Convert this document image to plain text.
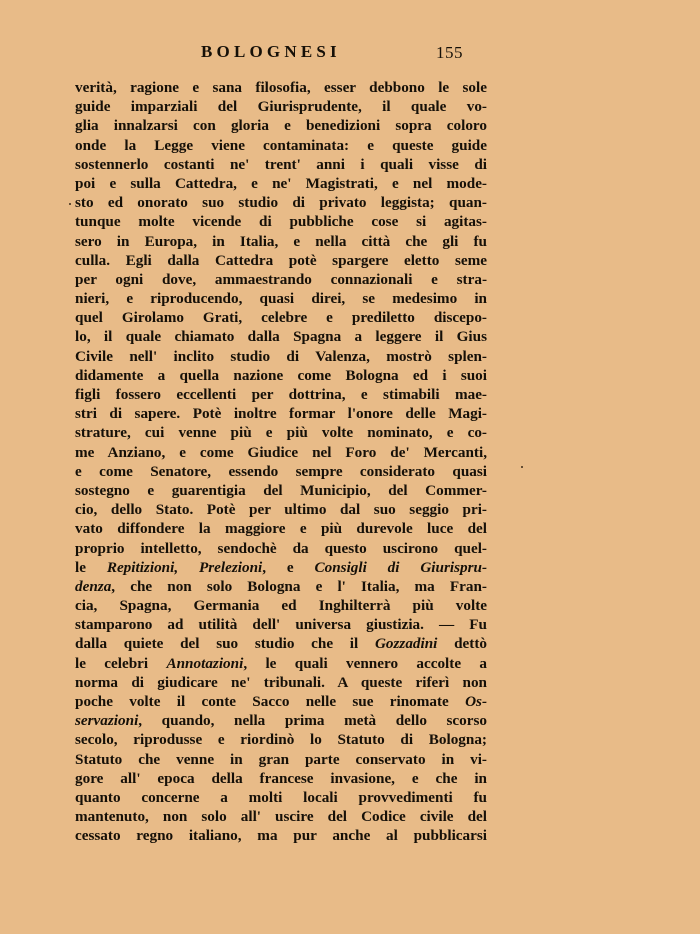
BOLOGNESI	155
verità, ragione e sana filosofia, esser debbono le sole
guide imparziali del Giurisprudente, il quale vo-
glia innalzarsi con gloria e benedizioni sopra coloro
onde la Legge viene contaminata: e queste guide
sostennerlo costanti ne' trent' anni i quali visse di
poi e sulla Cattedra, e ne' Magistrati, e nel mode-
sto ed onorato suo studio di privato leggista; quan-
tunque molte vicende di pubbliche cose si agitas-
sero in Europa, in Italia, e nella città che gli fu
culla. Egli dalla Cattedra potè spargere eletto seme
per ogni dove, ammaestrando connazionali e stra-
nieri, e riproducendo, quasi direi, se medesimo in
quel Girolamo Grati, celebre e prediletto discepo-
lo, il quale chiamato dalla Spagna a leggere il Gius
Civile nell' inclito studio di Valenza, mostrò splen-
didamente a quella nazione come Bologna ed i suoi
figli fossero eccellenti per dottrina, e stimabili mae-
stri di sapere. Potè inoltre formar l'onore delle Magi-
strature, cui venne più e più volte nominato, e co-
me Anziano, e come Giudice nel Foro de' Mercanti,
e come Senatore, essendo sempre considerato quasi
sostegno e guarentigia del Municipio, del Commer-
cio, dello Stato. Potè per ultimo dal suo seggio pri-
vato diffondere la maggiore e più durevole luce del
proprio intelletto, sendochè da questo uscirono quel-
le Repitizioni, Prelezioni, e Consigli di Giurispru-
denza, che non solo Bologna e l' Italia, ma Fran-
cia, Spagna, Germania ed Inghilterrà più volte
stamparono ad utilità dell' universa giustizia. — Fu
dalla quiete del suo studio che il Gozzadini dettò
le celebri Annotazioni, le quali vennero accolte a
norma di giudicare ne' tribunali. A queste riferì non
poche volte il conte Sacco nelle sue rinomate Os-
servazioni, quando, nella prima metà dello scorso
secolo, riprodusse e riordinò lo Statuto di Bologna;
Statuto che venne in gran parte conservato in vi-
gore all' epoca della francese invasione, e che in
quanto concerne a molti locali provvedimenti fu
mantenuto, non solo all' uscire del Codice civile del
cessato regno italiano, ma pur anche al pubblicarsi
